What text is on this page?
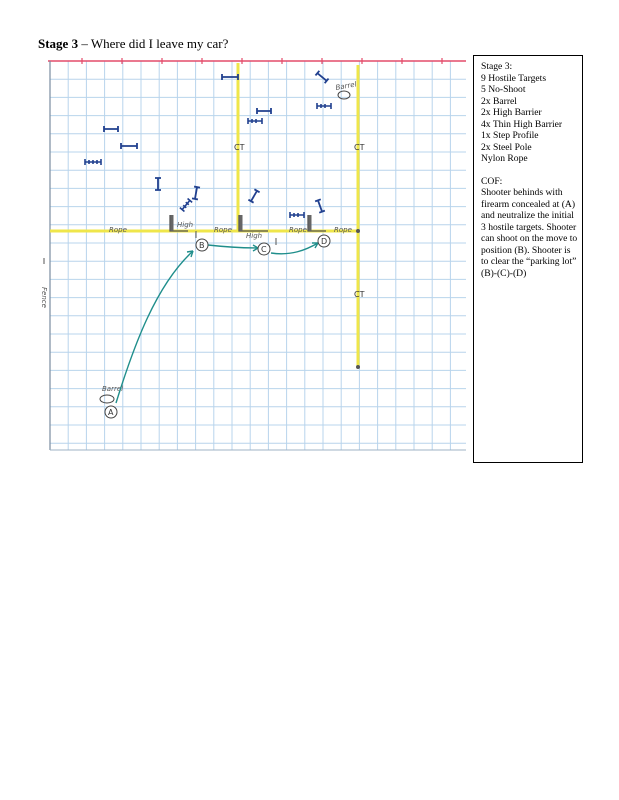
Stage 3 – Where did I leave my car?
Rope	Rope	Rope	Rope
CT	CT
CT
Fence
Barrel
Barrel
High
High
A
B	C
D
Stage 3:
9 Hostile Targets
5 No-Shoot
2x Barrel
2x High Barrier
4x Thin High Barrier
1x Step Profile
2x Steel Pole
Nylon Rope
COF:
Shooter behinds with firearm concealed at (A) and neutralize the initial 3 hostile targets. Shooter can shoot on the move to position (B). Shooter is to clear the “parking lot” (B)-(C)-(D)
